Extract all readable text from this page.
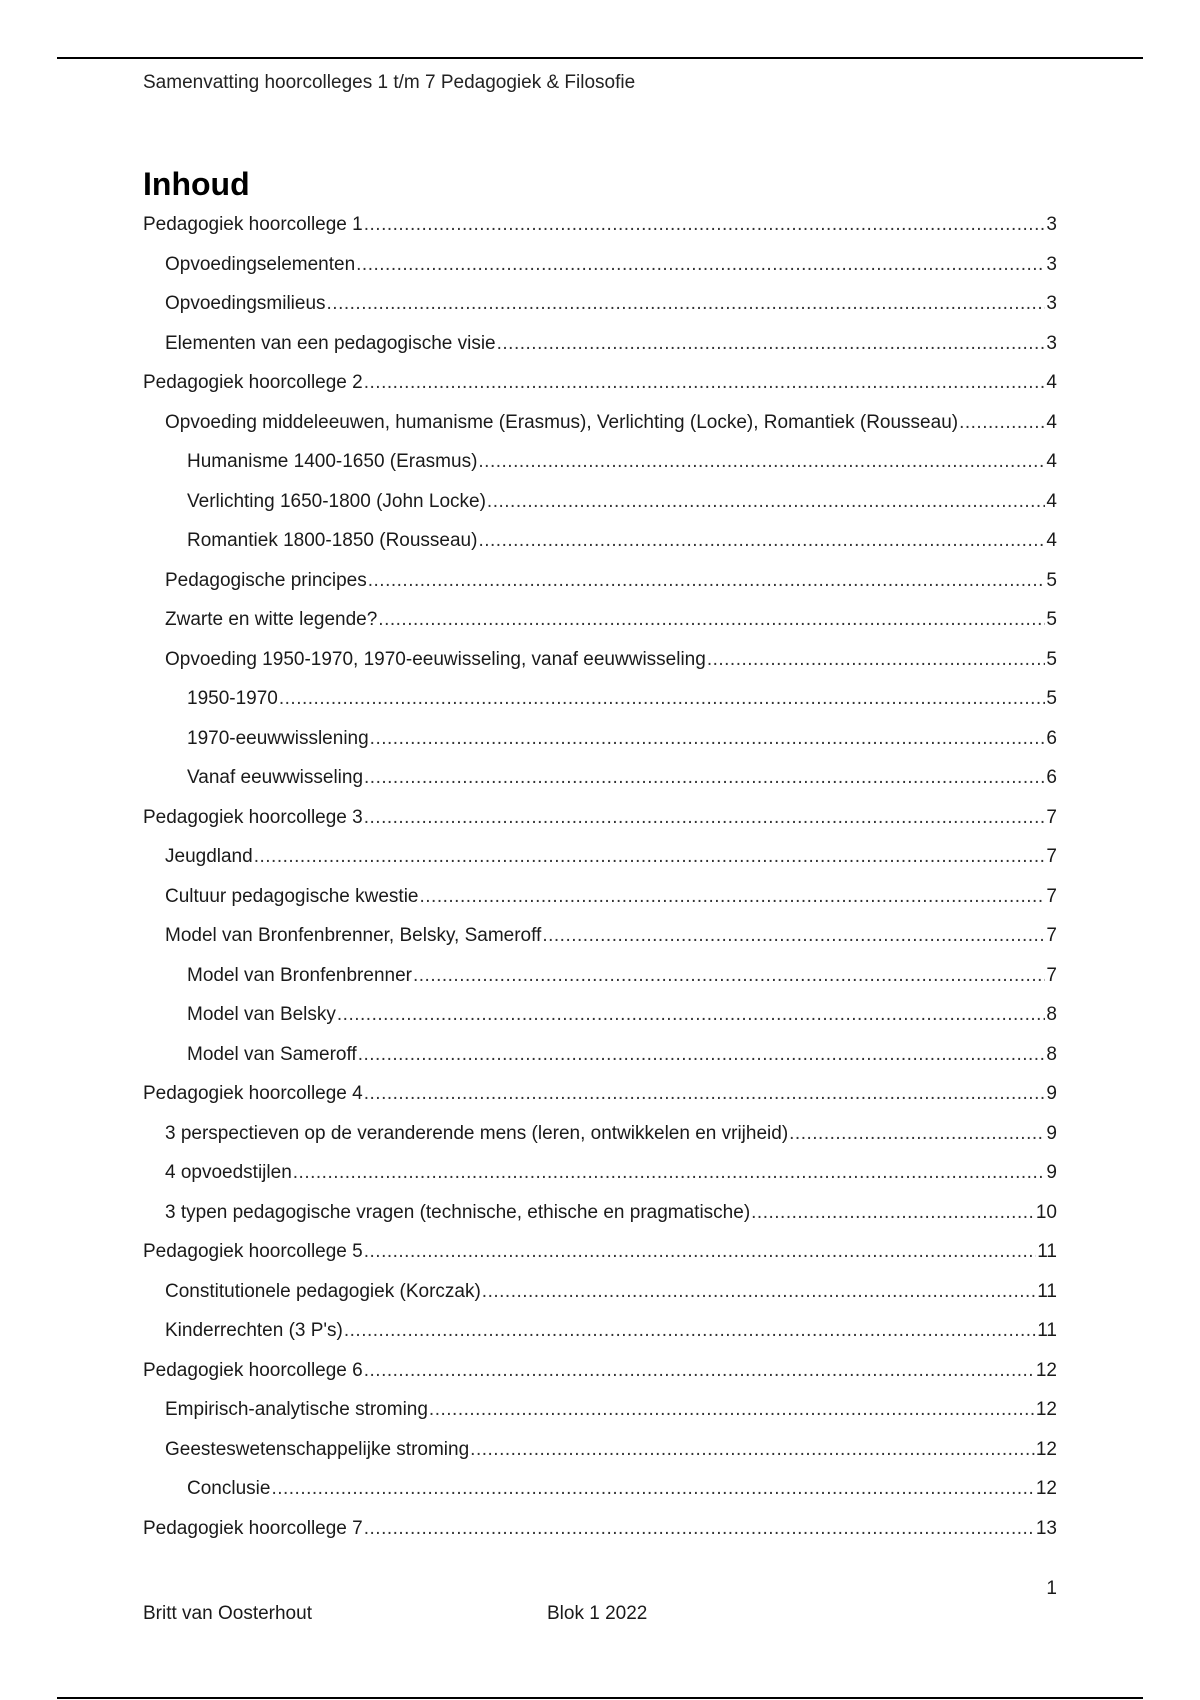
Samenvatting hoorcolleges 1 t/m 7 Pedagogiek & Filosofie
Inhoud
Pedagogiek hoorcollege 1 .....	3
Opvoedingselementen .....	3
Opvoedingsmilieus .....	3
Elementen van een pedagogische visie .....	3
Pedagogiek hoorcollege 2 .....	4
Opvoeding middeleeuwen, humanisme (Erasmus), Verlichting (Locke), Romantiek (Rousseau) .....	4
Humanisme 1400-1650 (Erasmus) .....	4
Verlichting 1650-1800 (John Locke) .....	4
Romantiek 1800-1850 (Rousseau) .....	4
Pedagogische principes .....	5
Zwarte en witte legende? .....	5
Opvoeding 1950-1970, 1970-eeuwisseling, vanaf eeuwwisseling .....	5
1950-1970 .....	5
1970-eeuwwisslening .....	6
Vanaf eeuwwisseling .....	6
Pedagogiek hoorcollege 3 .....	7
Jeugdland .....	7
Cultuur pedagogische kwestie .....	7
Model van Bronfenbrenner, Belsky, Sameroff .....	7
Model van Bronfenbrenner .....	7
Model van Belsky .....	8
Model van Sameroff .....	8
Pedagogiek hoorcollege 4 .....	9
3 perspectieven op de veranderende mens (leren, ontwikkelen en vrijheid) .....	9
4 opvoedstijlen .....	9
3 typen pedagogische vragen (technische, ethische en pragmatische) .....	10
Pedagogiek hoorcollege 5 .....	11
Constitutionele pedagogiek (Korczak) .....	11
Kinderrechten (3 P's) .....	11
Pedagogiek hoorcollege 6 .....	12
Empirisch-analytische stroming .....	12
Geesteswetenschappelijke stroming .....	12
Conclusie .....	12
Pedagogiek hoorcollege 7 .....	13
1
Britt van Oosterhout	Blok 1 2022
